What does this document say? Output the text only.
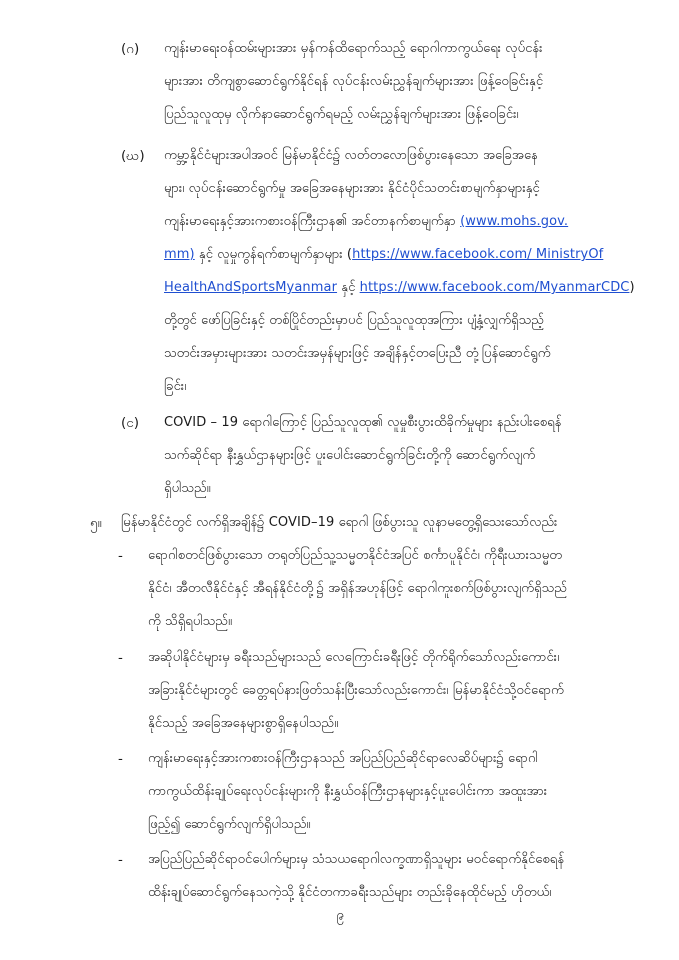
(ဂ) ကျန်းမာရေးဝန်ထမ်းများအား မှန်ကန်ထိရောက်သည့် ရောဂါကာကွယ်ရေး လုပ်ငန်း
များအား တိကျစွာဆောင်ရွက်နိုင်ရန် လုပ်ငန်းလမ်းညွှန်ချက်များအား ဖြန့်ဝေခြင်းနှင့်
ပြည်သူလူထုမှ လိုက်နာဆောင်ရွက်ရမည့် လမ်းညွှန်ချက်များအား ဖြန့်ဝေခြင်း၊
(ဃ) ကမ္ဘာ့နိုင်ငံများအပါအဝင် မြန်မာနိုင်ငံ၌ လတ်တလောဖြစ်ပွားနေသော အခြေအနေ
များ၊ လုပ်ငန်းဆောင်ရွက်မှု အခြေအနေများအား နိုင်ငံပိုင်သတင်းစာမျက်နှာများနှင့်
ကျန်းမာရေးနှင့်အားကစားဝန်ကြီးဌာန၏ အင်တာနက်စာမျက်နှာ (www.mohs.gov.
mm) နှင့် လူမှုကွန်ရက်စာမျက်နှာများ (https://www.facebook.com/ MinistryOf
HealthAndSportsMyanmar နှင့် https://www.facebook.com/MyanmarCDC)
တို့တွင် ဖော်ပြခြင်းနှင့် တစ်ပြိုင်တည်းမှာပင် ပြည်သူလူထုအကြား ပျံ့နှံ့လျှက်ရှိသည့်
သတင်းအမှားများအား သတင်းအမှန်များဖြင့် အချိန်နှင့်တပြေးညီ တုံ့ပြန်ဆောင်ရွက်
ခြင်း၊
(င) COVID – 19 ရောဂါကြောင့် ပြည်သူလူထု၏ လူမှုစီးပွားထိခိုက်မှုများ နည်းပါးစေရန်
သက်ဆိုင်ရာ နီးနွှယ်ဌာနများဖြင့် ပူးပေါင်းဆောင်ရွက်ခြင်းတို့ကို ဆောင်ရွက်လျက်
ရှိပါသည်။
၅။ မြန်မာနိုင်ငံတွင် လက်ရှိအချိန်၌ COVID–19 ရောဂါ ဖြစ်ပွားသူ လူနာမတွေ့ရှိသေးသော်လည်း
- ရောဂါစတင်ဖြစ်ပွားသော တရုတ်ပြည်သူ့သမ္မတနိုင်ငံအပြင် စင်္ကာပူနိုင်ငံ၊ ကိုရီးယားသမ္မတ
နိုင်ငံ၊ အီတလီနိုင်ငံနှင့် အီရန်နိုင်ငံတို့၌ အရှိန်အဟုန်ဖြင့် ရောဂါကူးစက်ဖြစ်ပွားလျက်ရှိသည်
ကို သိရှိရပါသည်။
- အဆိုပါနိုင်ငံများမှ ခရီးသည်များသည် လေကြောင်းခရီးဖြင့် တိုက်ရိုက်သော်လည်းကောင်း၊
အခြားနိုင်ငံများတွင် ခေတ္တရပ်နားဖြတ်သန်းပြီးသော်လည်းကောင်း၊ မြန်မာနိုင်ငံသို့ဝင်ရောက်
နိုင်သည့် အခြေအနေများစွာရှိနေပါသည်။
- ကျန်းမာရေးနှင့်အားကစားဝန်ကြီးဌာနသည် အပြည်ပြည်ဆိုင်ရာလေဆိပ်များ၌ ရောဂါ
ကာကွယ်ထိန်းချုပ်ရေးလုပ်ငန်းများကို နီးနွှယ်ဝန်ကြီးဌာနများနှင့်ပူးပေါင်းကာ အထူးအား
ဖြည့်၍ ဆောင်ရွက်လျက်ရှိပါသည်။
- အပြည်ပြည်ဆိုင်ရာဝင်ပေါက်များမှ သံသယရောဂါလက္ခဏာရှိသူများ မဝင်ရောက်နိုင်စေရန်
ထိန်းချုပ်ဆောင်ရွက်နေသကဲ့သို့ နိုင်ငံတကာခရီးသည်များ တည်းခိုနေထိုင်မည့် ဟိုတယ်၊
၉
